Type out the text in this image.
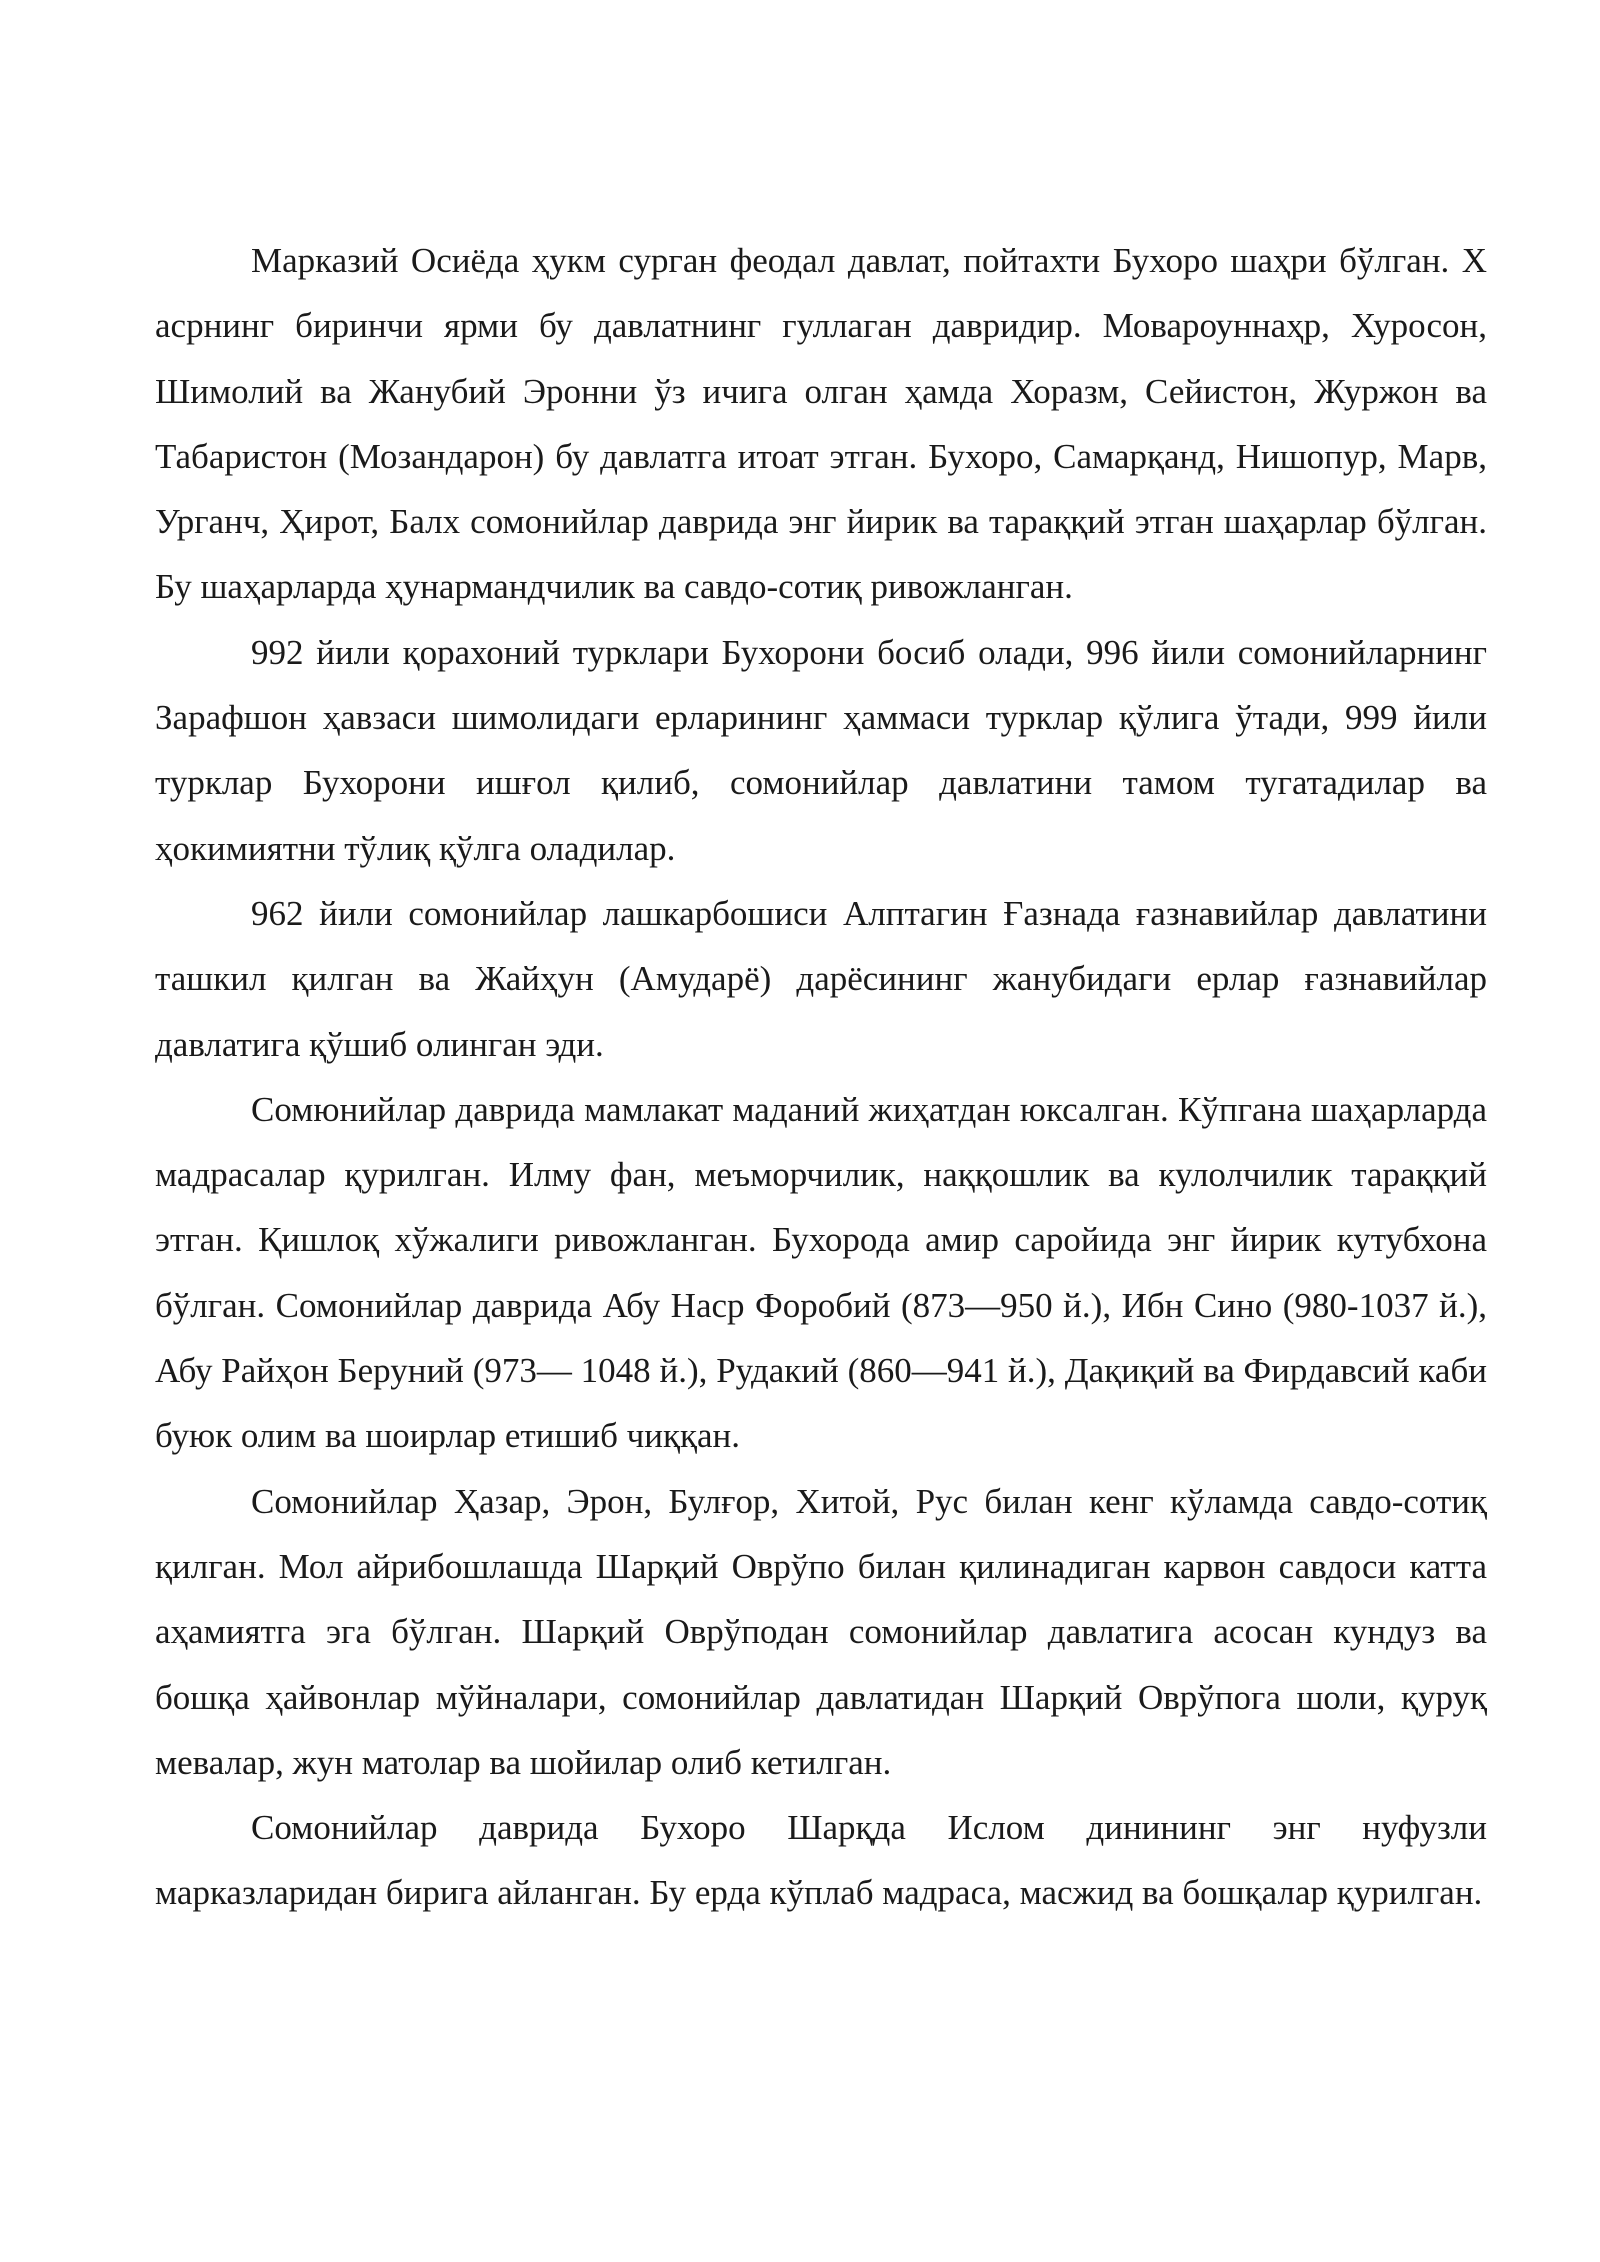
Марказий Осиёда ҳукм сурган феодал давлат, пойтахти Бухоро шаҳри бўлган. X асрнинг биринчи ярми бу давлатнинг гуллаган давридир. Мовароуннаҳр, Хуросон, Шимолий ва Жанубий Эронни ўз ичига олган ҳамда Хоразм, Сейистон, Журжон ва Табаристон (Мозандарон) бу давлатга итоат этган. Бухоро, Самарқанд, Нишопур, Марв, Урганч, Ҳирот, Балх сомонийлар даврида энг йирик ва тараққий этган шаҳарлар бўлган. Бу шаҳарларда ҳунармандчилик ва савдо-сотиқ ривожланган.

992 йили қорахоний турклари Бухорони босиб олади, 996 йили сомонийларнинг Зарафшон ҳавзаси шимолидаги ерларининг ҳаммаси турклар қўлига ўтади, 999 йили турклар Бухорони ишғол қилиб, сомонийлар давлатини тамом тугатадилар ва ҳокимиятни тўлиқ қўлга оладилар.

962 йили сомонийлар лашкарбошиси Алптагин Ғазнада ғазнавийлар давлатини ташкил қилган ва Жайҳун (Амударё) дарёсининг жанубидаги ерлар ғазнавийлар давлатига қўшиб олинган эди.

Сомюнийлар даврида мамлакат маданий жиҳатдан юксалган. Кўпгана шаҳарларда мадрасалар қурилган. Илму фан, меъморчилик, наққошлик ва кулолчилик тараққий этган. Қишлоқ хўжалиги ривожланган. Бухорода амир саройида энг йирик кутубхона бўлган. Сомонийлар даврида Абу Наср Форобий (873—950 й.), Ибн Сино (980-1037 й.), Абу Райҳон Беруний (973— 1048 й.), Рудакий (860—941 й.), Дақиқий ва Фирдавсий каби буюк олим ва шоирлар етишиб чиққан.

Сомонийлар Ҳазар, Эрон, Булғор, Хитой, Рус билан кенг кўламда савдо-сотиқ қилган. Мол айрибошлашда Шарқий Оврўпо билан қилинадиган карвон савдоси катта аҳамиятга эга бўлган. Шарқий Оврўподан сомонийлар давлатига асосан кундуз ва бошқа ҳайвонлар мўйналари, сомонийлар давлатидан Шарқий Оврўпога шоли, қуруқ мевалар, жун матолар ва шойилар олиб кетилган.

Сомонийлар даврида Бухоро Шарқда Ислом динининг энг нуфузли марказларидан бирига айланган. Бу ерда кўплаб мадраса, масжид ва бошқалар қурилган.
